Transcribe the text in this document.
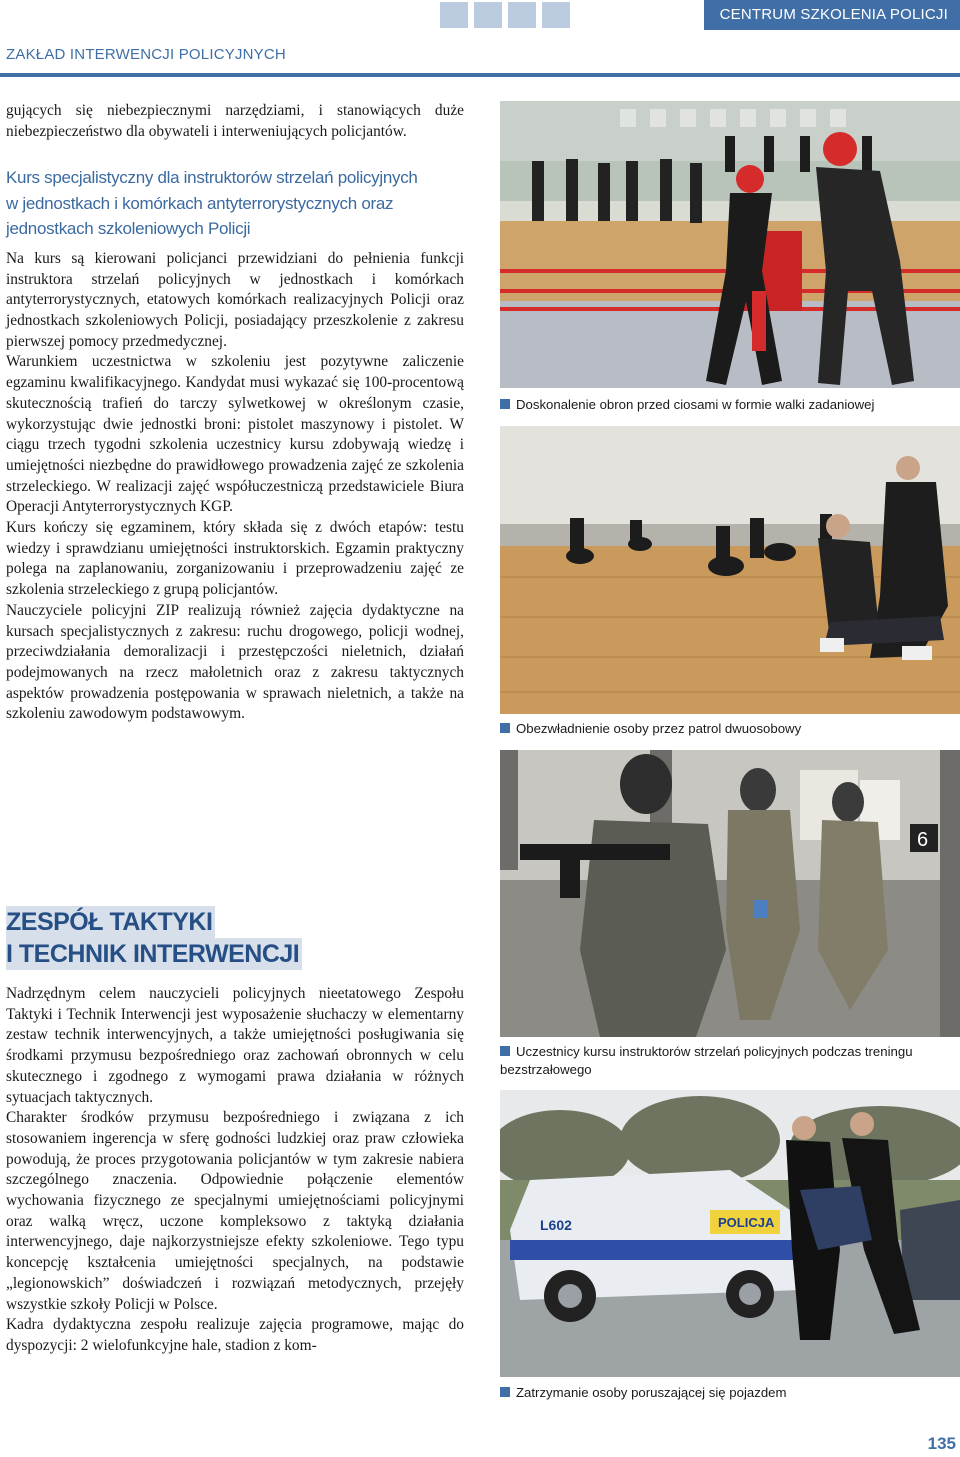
CENTRUM SZKOLENIA POLICJI
ZAKŁAD INTERWENCJI POLICYJNYCH

gujących się niebezpiecznymi narzędziami, i stanowiących duże niebezpieczeństwo dla obywateli i interweniujących policjantów.

Kurs specjalistyczny dla instruktorów strzelań policyjnych w jednostkach i komórkach antyterrorystycznych oraz jednostkach szkoleniowych Policji

Na kurs są kierowani policjanci przewidziani do pełnienia funkcji instruktora strzelań policyjnych w jednostkach i komórkach antyterrorystycznych, etatowych komórkach realizacyjnych Policji oraz jednostkach szkoleniowych Policji, posiadający przeszkolenie z zakresu pierwszej pomocy przedmedycznej.

Warunkiem uczestnictwa w szkoleniu jest pozytywne zaliczenie egzaminu kwalifikacyjnego. Kandydat musi wykazać się 100-procentową skutecznością trafień do tarczy sylwetkowej w określonym czasie, wykorzystując dwie jednostki broni: pistolet maszynowy i pistolet. W ciągu trzech tygodni szkolenia uczestnicy kursu zdobywają wiedzę i umiejętności niezbędne do prawidłowego prowadzenia zajęć ze szkolenia strzeleckiego. W realizacji zajęć współuczestniczą przedstawiciele Biura Operacji Antyterrorystycznych KGP.

Kurs kończy się egzaminem, który składa się z dwóch etapów: testu wiedzy i sprawdzianu umiejętności instruktorskich. Egzamin praktyczny polega na zaplanowaniu, zorganizowaniu i przeprowadzeniu zajęć ze szkolenia strzeleckiego z grupą policjantów.

Nauczyciele policyjni ZIP realizują również zajęcia dydaktyczne na kursach specjalistycznych z zakresu: ruchu drogowego, policji wodnej, przeciwdziałania demoralizacji i przestępczości nieletnich, działań podejmowanych na rzecz małoletnich oraz z zakresu taktycznych aspektów prowadzenia postępowania w sprawach nieletnich, a także na szkoleniu zawodowym podstawowym.

ZESPÓŁ TAKTYKI
I TECHNIK INTERWENCJI

Nadrzędnym celem nauczycieli policyjnych nieetatowego Zespołu Taktyki i Technik Interwencji jest wyposażenie słuchaczy w elementarny zestaw technik interwencyjnych, a także umiejętności posługiwania się środkami przymusu bezpośredniego oraz zachowań obronnych w celu skutecznego i zgodnego z wymogami prawa działania w różnych sytuacjach taktycznych.

Charakter środków przymusu bezpośredniego i związana z ich stosowaniem ingerencja w sferę godności ludzkiej oraz praw człowieka powodują, że proces przygotowania policjantów w tym zakresie nabiera szczególnego znaczenia. Odpowiednie połączenie elementów wychowania fizycznego ze specjalnymi umiejętnościami policyjnymi oraz walką wręcz, uczone kompleksowo z taktyką działania interwencyjnego, daje najkorzystniejsze efekty szkoleniowe. Tego typu koncepcję kształcenia umiejętności specjalnych, na podstawie „legionowskich” doświadczeń i rozwiązań metodycznych, przejęły wszystkie szkoły Policji w Polsce.

Kadra dydaktyczna zespołu realizuje zajęcia programowe, mając do dyspozycji: 2 wielofunkcyjne hale, stadion z kom-

Doskonalenie obron przed ciosami w formie walki zadaniowej
Obezwładnienie osoby przez patrol dwuosobowy
6
Uczestnicy kursu instruktorów strzelań policyjnych podczas treningu bezstrzałowego
L602	POLICJA
Zatrzymanie osoby poruszającej się pojazdem
135
